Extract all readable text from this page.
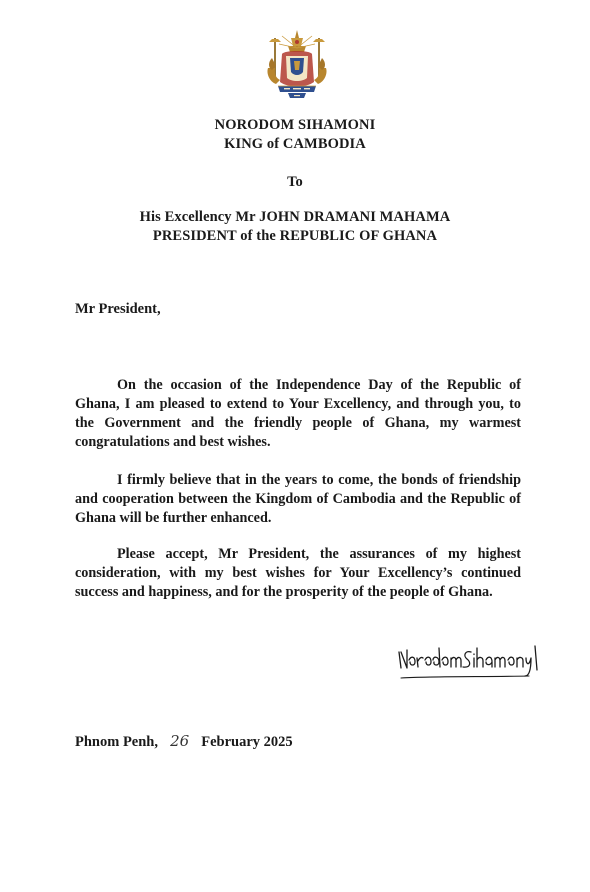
NORODOM SIHAMONI
KING of CAMBODIA
To
His Excellency Mr JOHN DRAMANI MAHAMA
PRESIDENT of the REPUBLIC OF GHANA
Mr President,

On the occasion of the Independence Day of the Republic of Ghana, I am pleased to extend to Your Excellency, and through you, to the Government and the friendly people of Ghana, my warmest congratulations and best wishes.

I firmly believe that in the years to come, the bonds of friendship and cooperation between the Kingdom of Cambodia and the Republic of Ghana will be further enhanced.

Please accept, Mr President, the assurances of my highest consideration, with my best wishes for Your Excellency’s continued success and happiness, and for the prosperity of the people of Ghana.

Phnom Penh, 26 February 2025
